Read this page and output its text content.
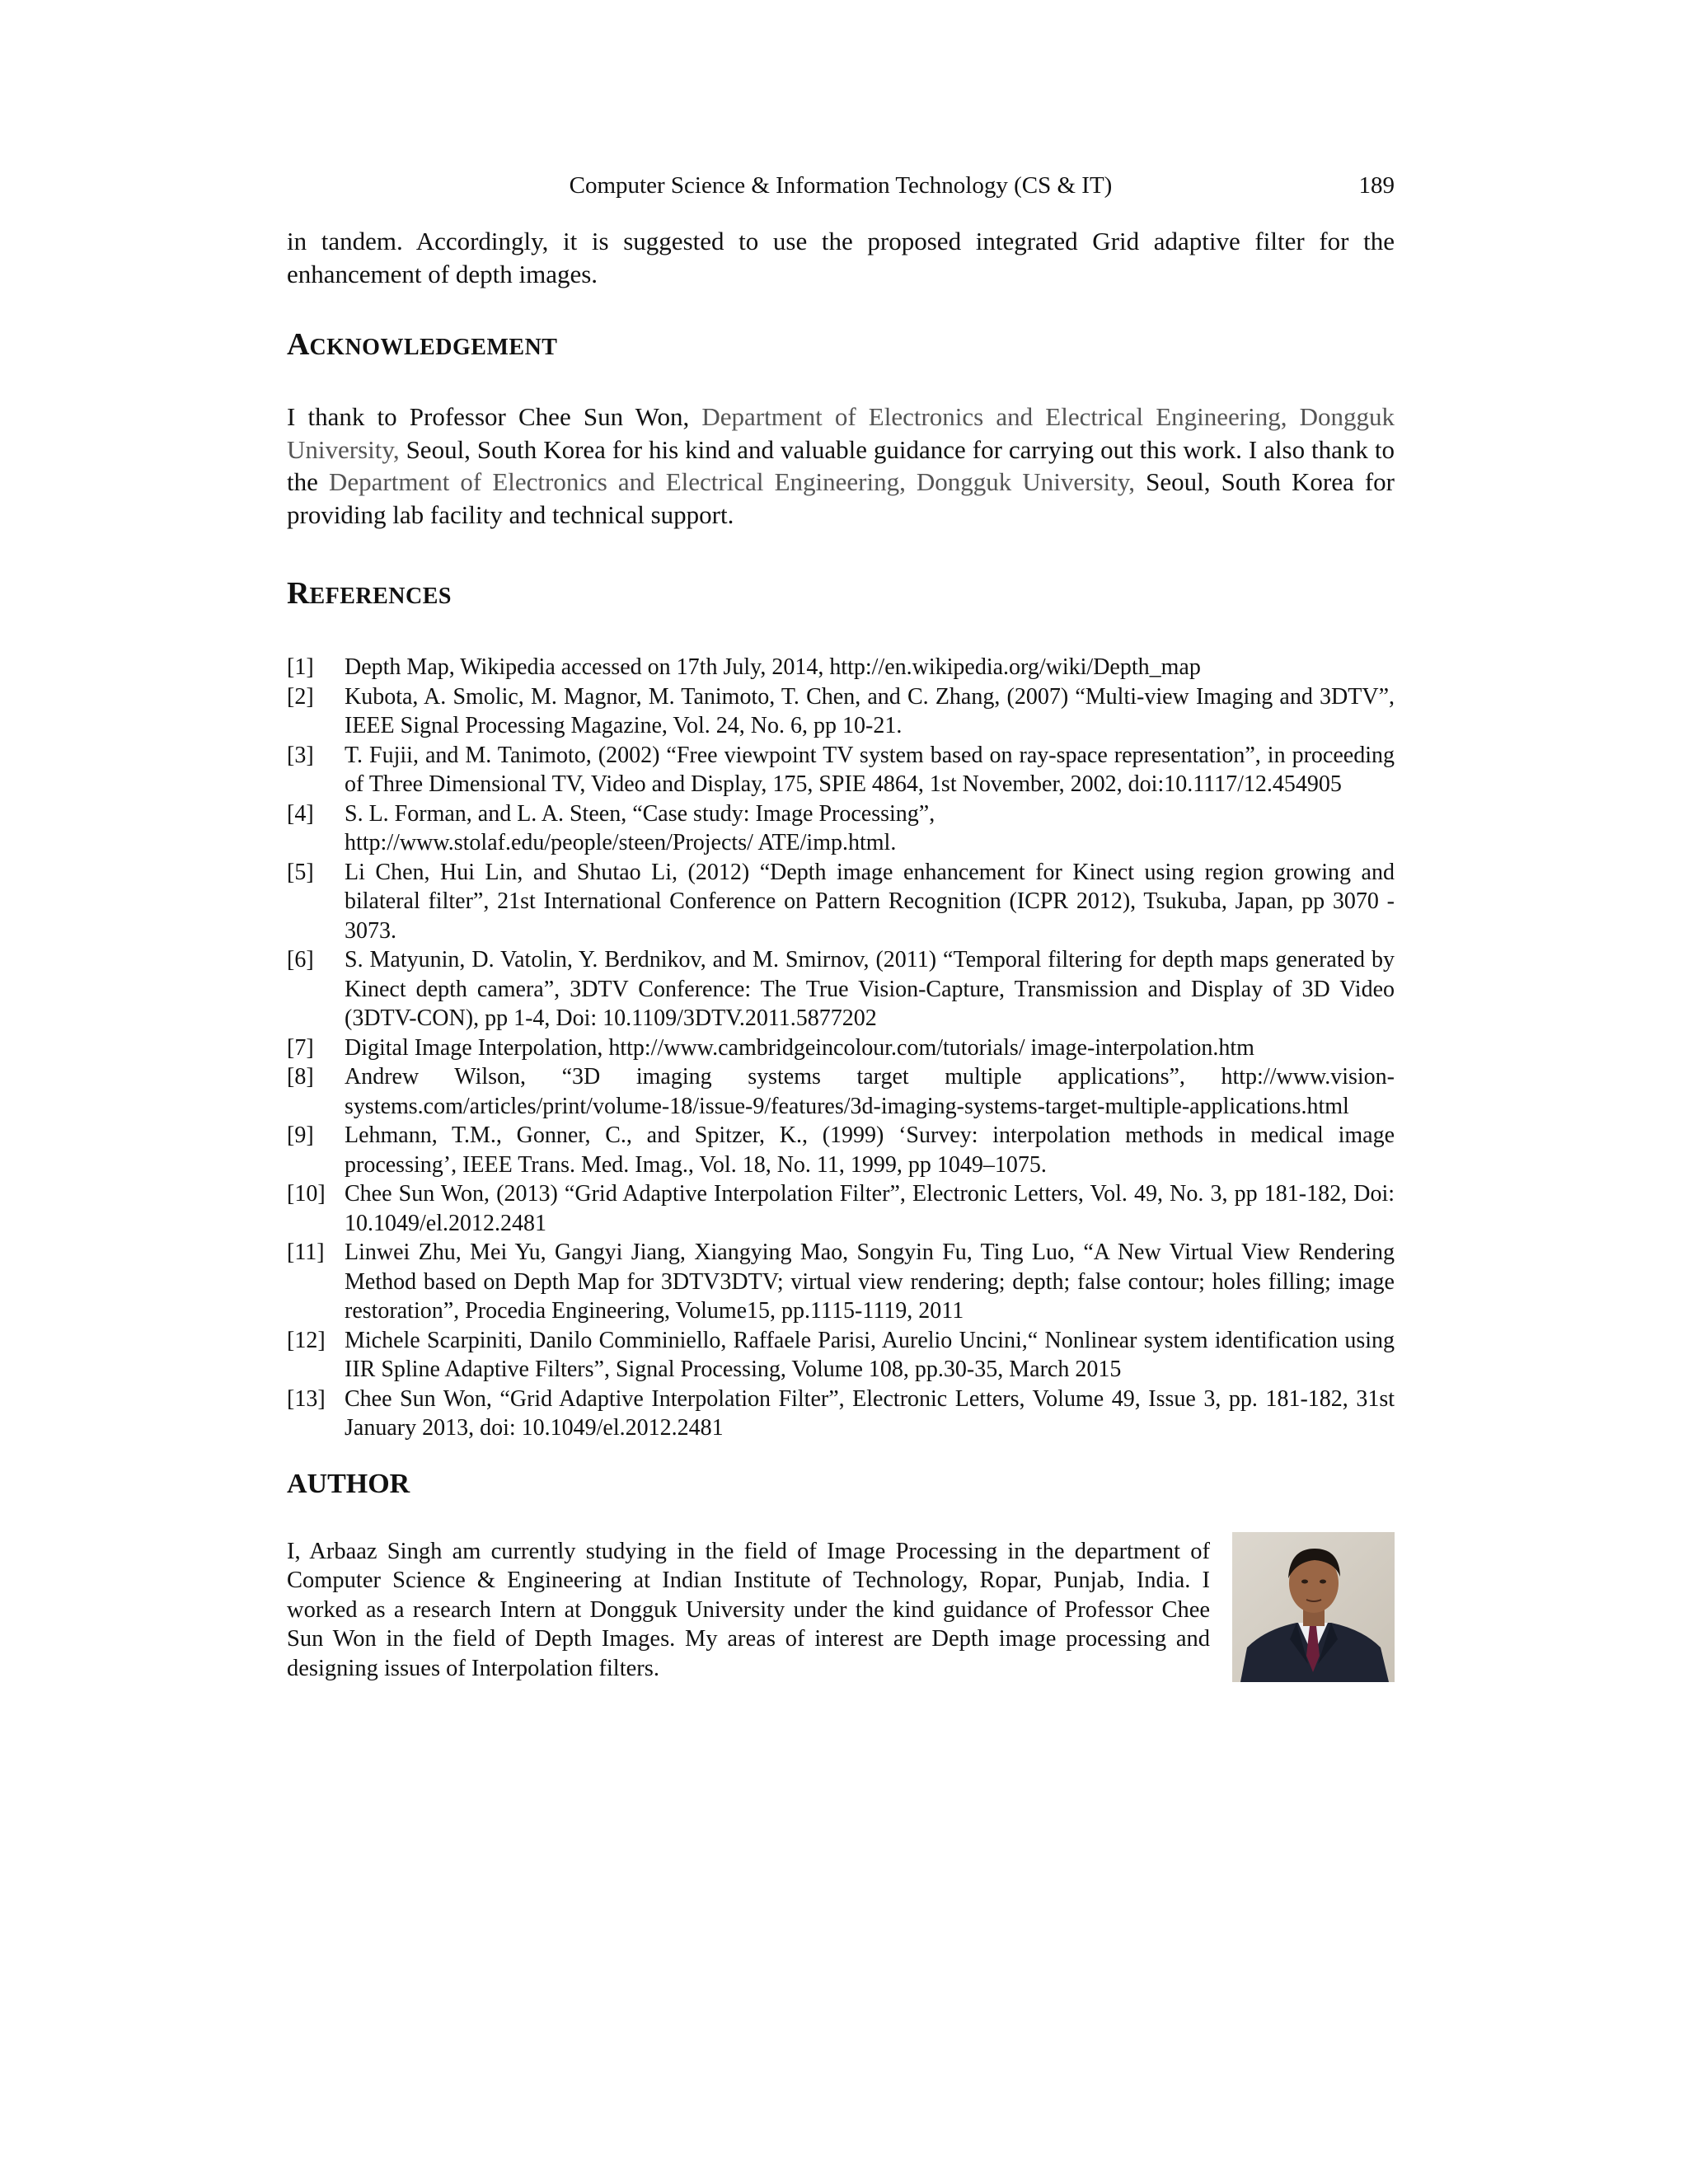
Computer Science & Information Technology (CS & IT)	189

in tandem. Accordingly, it is suggested to use the proposed integrated Grid adaptive filter for the enhancement of depth images.

ACKNOWLEDGEMENT

I thank to Professor Chee Sun Won, Department of Electronics and Electrical Engineering, Dongguk University, Seoul, South Korea for his kind and valuable guidance for carrying out this work. I also thank to the Department of Electronics and Electrical Engineering, Dongguk University, Seoul, South Korea for providing lab facility and technical support.

REFERENCES
[1]	Depth Map, Wikipedia accessed on 17th July, 2014, http://en.wikipedia.org/wiki/Depth_map
[2]	Kubota, A. Smolic, M. Magnor, M. Tanimoto, T. Chen, and C. Zhang, (2007) “Multi-view Imaging and 3DTV”, IEEE Signal Processing Magazine, Vol. 24, No. 6, pp 10-21.
[3]	T. Fujii, and M. Tanimoto, (2002) “Free viewpoint TV system based on ray-space representation”, in proceeding of Three Dimensional TV, Video and Display, 175, SPIE 4864, 1st November, 2002, doi:10.1117/12.454905
[4]	S. L. Forman, and L. A. Steen, “Case study: Image Processing”,
http://www.stolaf.edu/people/steen/Projects/ ATE/imp.html.
[5]	Li Chen, Hui Lin, and Shutao Li, (2012) “Depth image enhancement for Kinect using region growing and bilateral filter”, 21st International Conference on Pattern Recognition (ICPR 2012), Tsukuba, Japan, pp 3070 - 3073.
[6]	S. Matyunin, D. Vatolin, Y. Berdnikov, and M. Smirnov, (2011) “Temporal filtering for depth maps generated by Kinect depth camera”, 3DTV Conference: The True Vision-Capture, Transmission and Display of 3D Video (3DTV-CON), pp 1-4, Doi: 10.1109/3DTV.2011.5877202
[7]	Digital Image Interpolation, http://www.cambridgeincolour.com/tutorials/ image-interpolation.htm
[8]	Andrew Wilson, “3D imaging systems target multiple applications”, http://www.vision-systems.com/articles/print/volume-18/issue-9/features/3d-imaging-systems-target-multiple-applications.html
[9]	Lehmann, T.M., Gonner, C., and Spitzer, K., (1999) ‘Survey: interpolation methods in medical image processing’, IEEE Trans. Med. Imag., Vol. 18, No. 11, 1999, pp 1049–1075.
[10] Chee Sun Won, (2013) “Grid Adaptive Interpolation Filter”, Electronic Letters, Vol. 49, No. 3, pp 181-182, Doi: 10.1049/el.2012.2481
[11] Linwei Zhu, Mei Yu, Gangyi Jiang, Xiangying Mao, Songyin Fu, Ting Luo, “A New Virtual View Rendering Method based on Depth Map for 3DTV3DTV; virtual view rendering; depth; false contour; holes filling; image restoration”, Procedia Engineering, Volume15, pp.1115-1119, 2011
[12] Michele Scarpiniti, Danilo Comminiello, Raffaele Parisi, Aurelio Uncini,“ Nonlinear system identification using IIR Spline Adaptive Filters”, Signal Processing, Volume 108, pp.30-35, March 2015
[13] Chee Sun Won, “Grid Adaptive Interpolation Filter”, Electronic Letters, Volume 49, Issue 3, pp. 181-182, 31st January 2013, doi: 10.1049/el.2012.2481
AUTHOR

I, Arbaaz Singh am currently studying in the field of Image Processing in the department of Computer Science & Engineering at Indian Institute of Technology, Ropar, Punjab, India. I worked as a research Intern at Dongguk University under the kind guidance of Professor Chee Sun Won in the field of Depth Images. My areas of interest are Depth image processing and designing issues of Interpolation filters.
